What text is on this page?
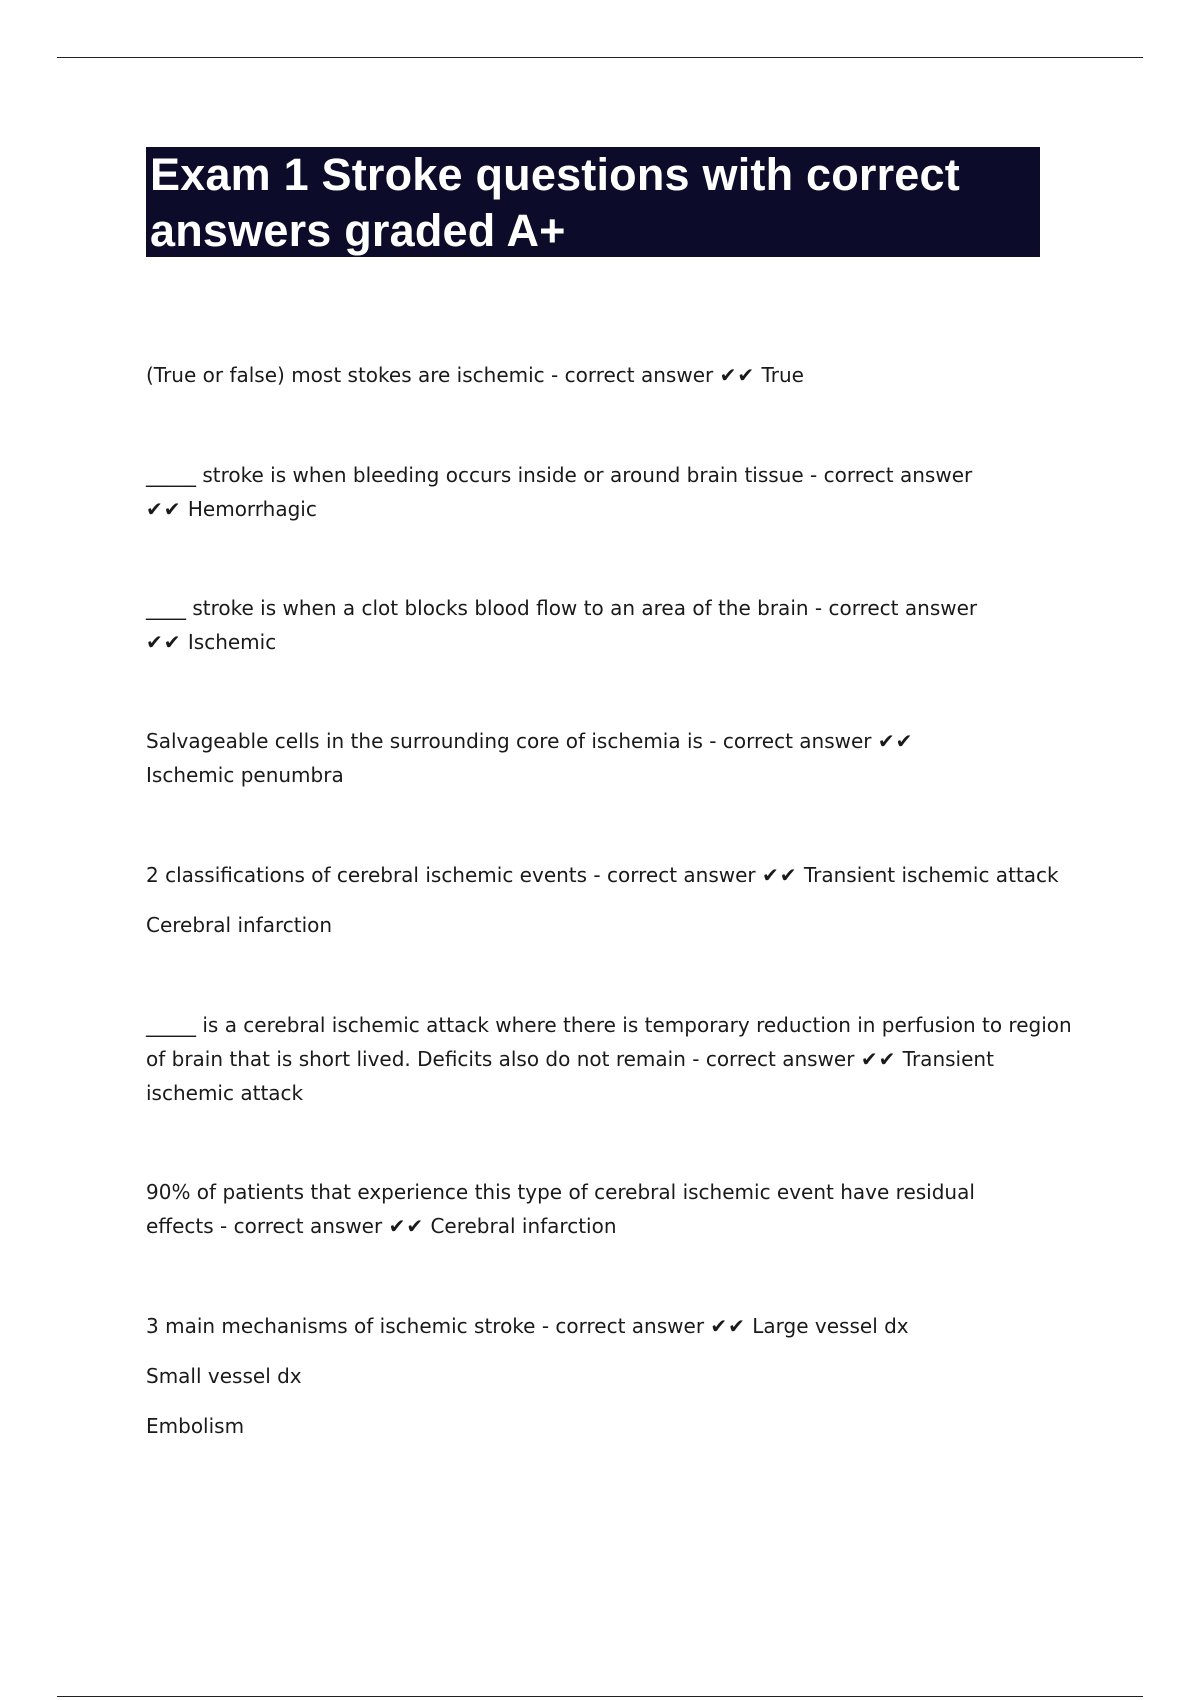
Exam 1 Stroke questions with correct answers graded A+

(True or false) most stokes are ischemic - correct answer ✔✔ True

_____ stroke is when bleeding occurs inside or around brain tissue - correct answer ✔✔ Hemorrhagic

____ stroke is when a clot blocks blood flow to an area of the brain - correct answer ✔✔ Ischemic

Salvageable cells in the surrounding core of ischemia is - correct answer ✔✔ Ischemic penumbra

2 classifications of cerebral ischemic events - correct answer ✔✔ Transient ischemic attack

Cerebral infarction

_____ is a cerebral ischemic attack where there is temporary reduction in perfusion to region of brain that is short lived. Deficits also do not remain - correct answer ✔✔ Transient ischemic attack

90% of patients that experience this type of cerebral ischemic event have residual effects - correct answer ✔✔ Cerebral infarction

3 main mechanisms of ischemic stroke - correct answer ✔✔ Large vessel dx

Small vessel dx

Embolism
